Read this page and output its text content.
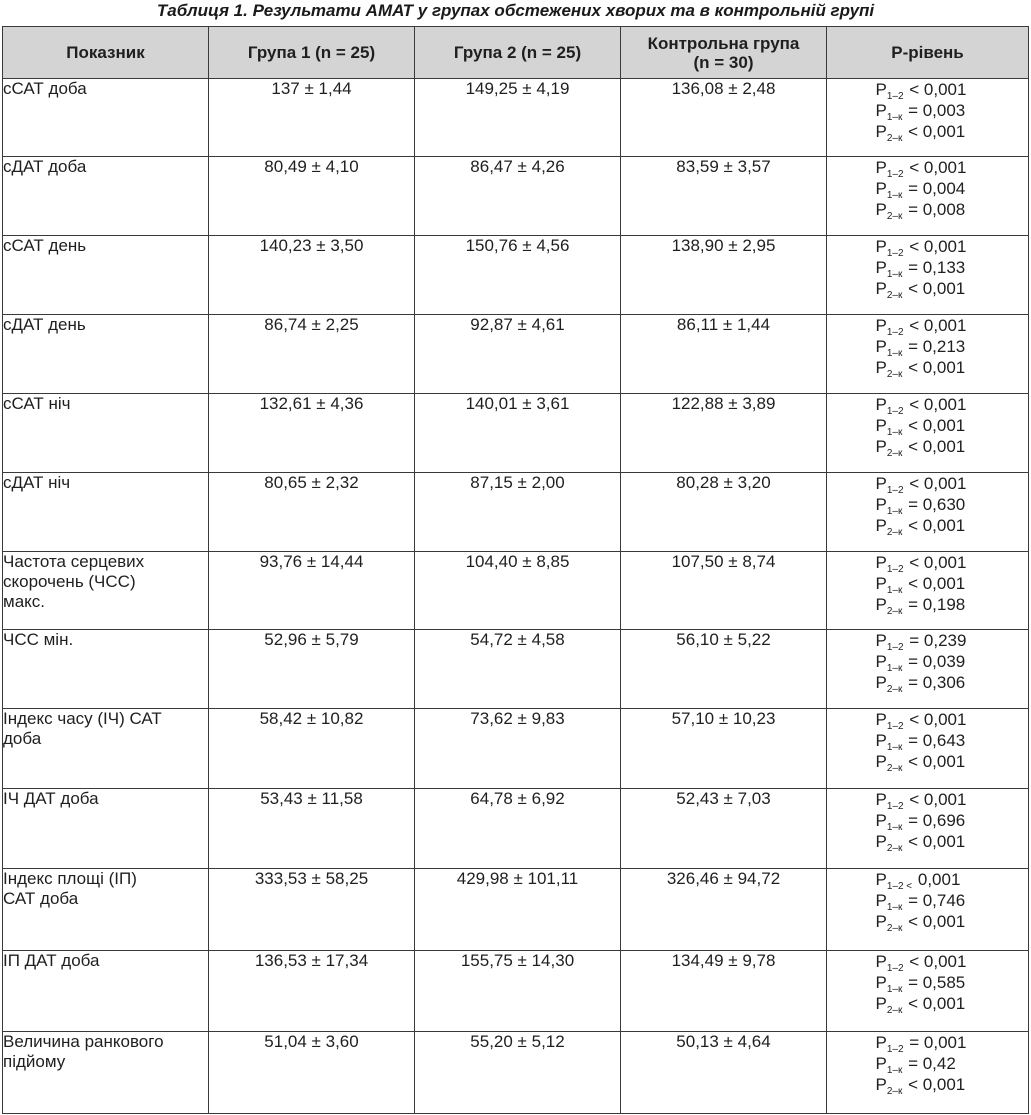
Таблиця 1. Результати АМАТ у групах обстежених хворих та в контрольній групі
Показник	Група 1 (n = 25)	Група 2 (n = 25)	Контрольна група
(n = 30)	Р-рівень

сСАТ доба	137 ± 1,44	149,25 ± 4,19	136,08 ± 2,48	$P_{1-2} < 0,001$
$P_{1-к} = 0,003$
$P_{2-к} < 0,001$

сДАТ доба	80,49 ± 4,10	86,47 ± 4,26	83,59 ± 3,57	$P_{1-2} < 0,001$
$P_{1-к} = 0,004$
$P_{2-к} = 0,008$

сСАТ день	140,23 ± 3,50	150,76 ± 4,56	138,90 ± 2,95	$P_{1-2} < 0,001$
$P_{1-к} = 0,133$
$P_{2-к} < 0,001$

сДАТ день	86,74 ± 2,25	92,87 ± 4,61	86,11 ± 1,44	$P_{1-2} < 0,001$
$P_{1-к} = 0,213$
$P_{2-к} < 0,001$

сСАТ ніч	132,61 ± 4,36	140,01 ± 3,61	122,88 ± 3,89	$P_{1-2} < 0,001$
$P_{1-к} < 0,001$
$P_{2-к} < 0,001$

сДАТ ніч	80,65 ± 2,32	87,15 ± 2,00	80,28 ± 3,20	$P_{1-2} < 0,001$
$P_{1-к} = 0,630$
$P_{2-к} < 0,001$

Частота серцевих
скорочень (ЧСС)
макс.	93,76 ± 14,44	104,40 ± 8,85	107,50 ± 8,74	$P_{1-2} < 0,001$
$P_{1-к} < 0,001$
$P_{2-к} = 0,198$

ЧСС мін.	52,96 ± 5,79	54,72 ± 4,58	56,10 ± 5,22	$P_{1-2} = 0,239$
$P_{1-к} = 0,039$
$P_{2-к} = 0,306$

Індекс часу (ІЧ) САТ
доба	58,42 ± 10,82	73,62 ± 9,83	57,10 ± 10,23	$P_{1-2} < 0,001$
$P_{1-к} = 0,643$
$P_{2-к} < 0,001$

ІЧ ДАТ доба	53,43 ± 11,58	64,78 ± 6,92	52,43 ± 7,03	$P_{1-2} < 0,001$
$P_{1-к} = 0,696$
$P_{2-к} < 0,001$

Індекс площі (ІП)
САТ доба	333,53 ± 58,25	429,98 ± 101,11	326,46 ± 94,72	$P_{1-2 <}$ 0,001
$P_{1-к} = 0,746$
$P_{2-к} < 0,001$

ІП ДАТ доба	136,53 ± 17,34	155,75 ± 14,30	134,49 ± 9,78	$P_{1-2} < 0,001$
$P_{1-к} = 0,585$
$P_{2-к} < 0,001$

Величина ранкового
підйому	51,04 ± 3,60	55,20 ± 5,12	50,13 ± 4,64	$P_{1-2} = 0,001$
$P_{1-к} = 0,42$
$P_{2-к} < 0,001$
